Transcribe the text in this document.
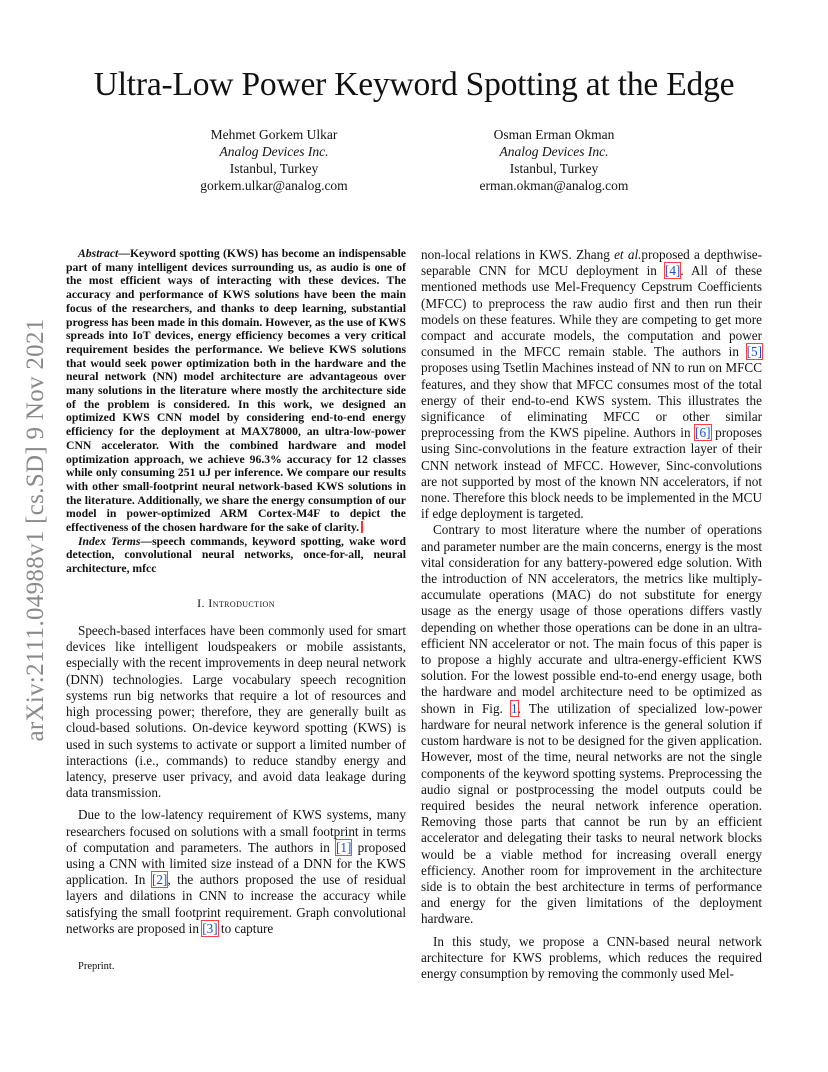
arXiv:2111.04988v1 [cs.SD] 9 Nov 2021
Ultra-Low Power Keyword Spotting at the Edge
Mehmet Gorkem Ulkar
Analog Devices Inc.
Istanbul, Turkey
gorkem.ulkar@analog.com
Osman Erman Okman
Analog Devices Inc.
Istanbul, Turkey
erman.okman@analog.com

Abstract—Keyword spotting (KWS) has become an indispensable part of many intelligent devices surrounding us, as audio is one of the most efficient ways of interacting with these devices. The accuracy and performance of KWS solutions have been the main focus of the researchers, and thanks to deep learning, substantial progress has been made in this domain. However, as the use of KWS spreads into IoT devices, energy efficiency becomes a very critical requirement besides the performance. We believe KWS solutions that would seek power optimization both in the hardware and the neural network (NN) model architecture are advantageous over many solutions in the literature where mostly the architecture side of the problem is considered. In this work, we designed an optimized KWS CNN model by considering end-to-end energy efficiency for the deployment at MAX78000, an ultra-low-power CNN accelerator. With the combined hardware and model optimization approach, we achieve 96.3% accuracy for 12 classes while only consuming 251 uJ per inference. We compare our results with other small-footprint neural network-based KWS solutions in the literature. Additionally, we share the energy consumption of our model in power-optimized ARM Cortex-M4F to depict the effectiveness of the chosen hardware for the sake of clarity.

Index Terms—speech commands, keyword spotting, wake word detection, convolutional neural networks, once-for-all, neural architecture, mfcc

I. Introduction

Speech-based interfaces have been commonly used for smart devices like intelligent loudspeakers or mobile assistants, especially with the recent improvements in deep neural network (DNN) technologies. Large vocabulary speech recognition systems run big networks that require a lot of resources and high processing power; therefore, they are generally built as cloud-based solutions. On-device keyword spotting (KWS) is used in such systems to activate or support a limited number of interactions (i.e., commands) to reduce standby energy and latency, preserve user privacy, and avoid data leakage during data transmission.

Due to the low-latency requirement of KWS systems, many researchers focused on solutions with a small footprint in terms of computation and parameters. The authors in [1] proposed using a CNN with limited size instead of a DNN for the KWS application. In [2], the authors proposed the use of residual layers and dilations in CNN to increase the accuracy while satisfying the small footprint requirement. Graph convolutional networks are proposed in [3] to capture

non-local relations in KWS. Zhang et al.proposed a depthwise-separable CNN for MCU deployment in [4]. All of these mentioned methods use Mel-Frequency Cepstrum Coefficients (MFCC) to preprocess the raw audio first and then run their models on these features. While they are competing to get more compact and accurate models, the computation and power consumed in the MFCC remain stable. The authors in [5] proposes using Tsetlin Machines instead of NN to run on MFCC features, and they show that MFCC consumes most of the total energy of their end-to-end KWS system. This illustrates the significance of eliminating MFCC or other similar preprocessing from the KWS pipeline. Authors in [6] proposes using Sinc-convolutions in the feature extraction layer of their CNN network instead of MFCC. However, Sinc-convolutions are not supported by most of the known NN accelerators, if not none. Therefore this block needs to be implemented in the MCU if edge deployment is targeted.

Contrary to most literature where the number of operations and parameter number are the main concerns, energy is the most vital consideration for any battery-powered edge solution. With the introduction of NN accelerators, the metrics like multiply-accumulate operations (MAC) do not substitute for energy usage as the energy usage of those operations differs vastly depending on whether those operations can be done in an ultra-efficient NN accelerator or not. The main focus of this paper is to propose a highly accurate and ultra-energy-efficient KWS solution. For the lowest possible end-to-end energy usage, both the hardware and model architecture need to be optimized as shown in Fig. 1. The utilization of specialized low-power hardware for neural network inference is the general solution if custom hardware is not to be designed for the given application. However, most of the time, neural networks are not the single components of the keyword spotting systems. Preprocessing the audio signal or postprocessing the model outputs could be required besides the neural network inference operation. Removing those parts that cannot be run by an efficient accelerator and delegating their tasks to neural network blocks would be a viable method for increasing overall energy efficiency. Another room for improvement in the architecture side is to obtain the best architecture in terms of performance and energy for the given limitations of the deployment hardware.

In this study, we propose a CNN-based neural network architecture for KWS problems, which reduces the required energy consumption by removing the commonly used Mel-

Preprint.
